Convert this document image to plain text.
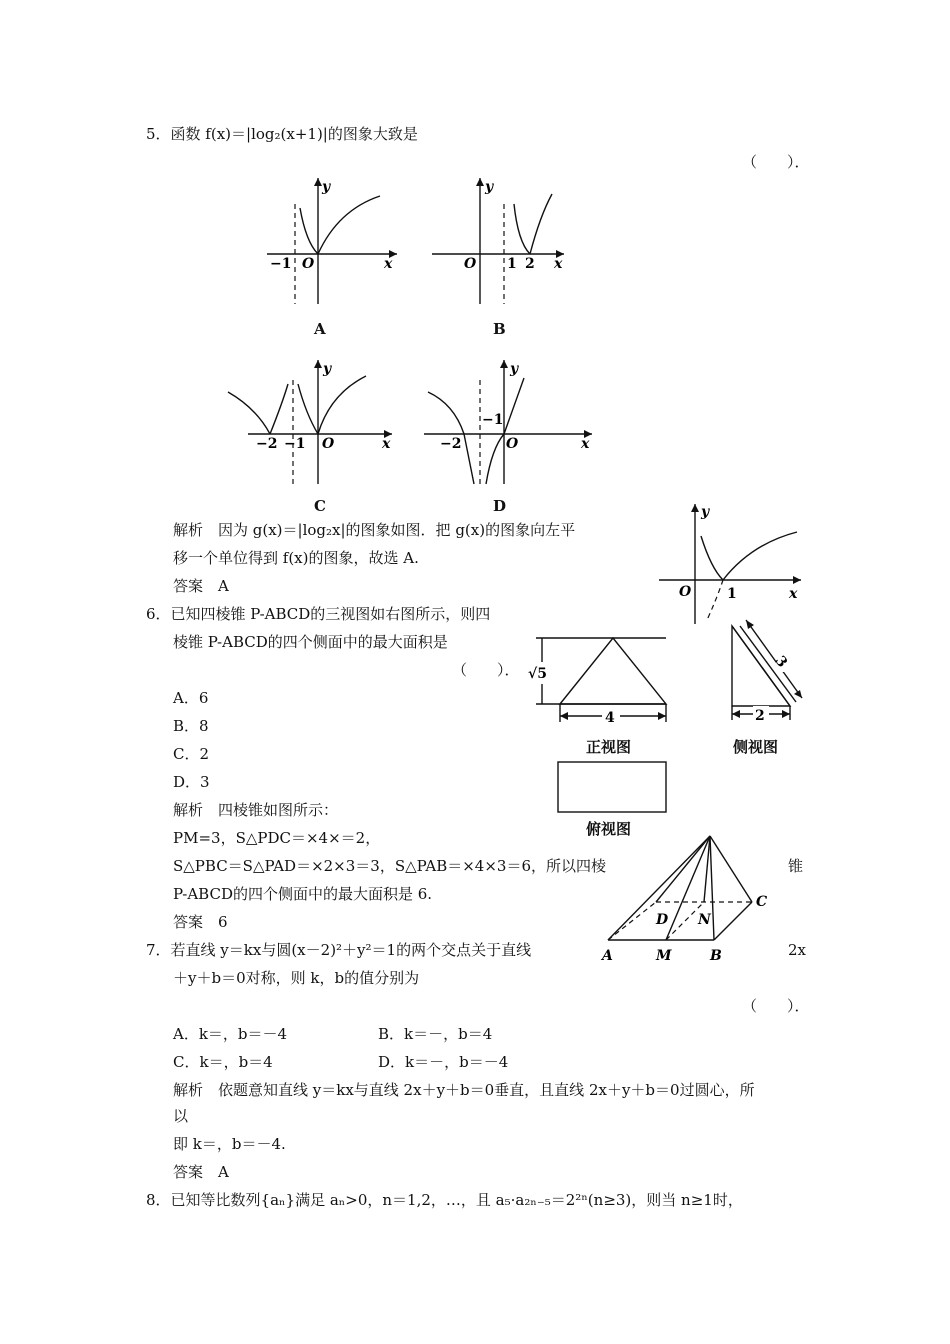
5．函数 f(x)＝|log₂(x+1)|的图象大致是
（　　）．
y
x
−1 O
A
y
x
O 1 2
B
y
x
−2 −1 O
C
y
x
−2
−1
O
D
解析　因为 g(x)＝|log₂x|的图象如图．把 g(x)的图象向左平
移一个单位得到 f(x)的图象，故选 A.
答案　A
y
x
O	1
6．已知四棱锥 P-ABCD的三视图如右图所示，则四
棱锥 P-ABCD的四个侧面中的最大面积是
（　　）．
A．6
B．8
C．2
D．3
解析　四棱锥如图所示：
PM=3，S△PDC＝×4×＝2，
S△PBC＝S△PAD＝×2×3＝3，S△PAB＝×4×3＝6，所以四棱	锥
P-ABCD的四个侧面中的最大面积是 6.
答案　6
√5
4
正视图
3
2
侧视图
俯视图
A	M	B
C
D N
7．若直线 y＝kx与圆(x－2)²＋y²＝1的两个交点关于直线	2x
＋y＋b＝0对称，则 k，b的值分别为
（　　）．
A．k＝，b＝－4	B．k＝－，b＝4
C．k＝，b＝4	D．k＝－，b＝－4
解析　依题意知直线 y＝kx与直线 2x＋y＋b＝0垂直，且直线 2x＋y＋b＝0过圆心，所
以
即 k＝，b＝－4.
答案　A
8．已知等比数列{aₙ}满足 aₙ>0，n＝1,2，…，且 a₅·a₂ₙ₋₅＝2²ⁿ(n≥3)，则当 n≥1时，
